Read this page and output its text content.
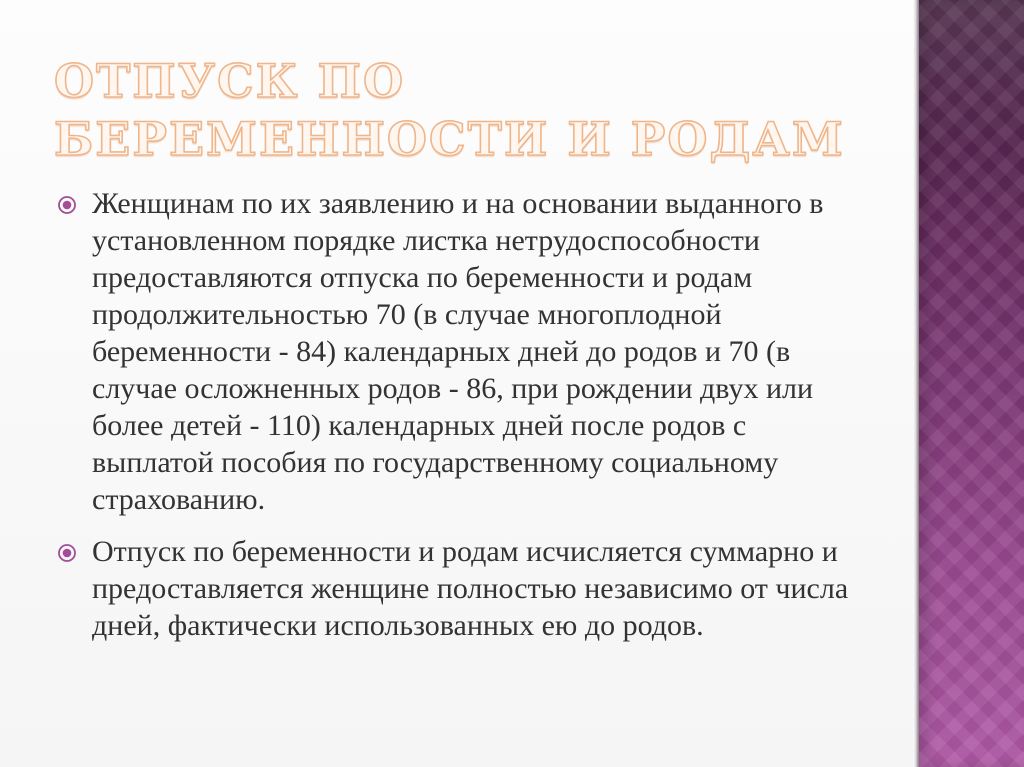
ОТПУСК ПО БЕРЕМЕННОСТИ И РОДАМ
Женщинам по их заявлению и на основании выданного в установленном порядке листка нетрудоспособности предоставляются отпуска по беременности и родам продолжительностью 70 (в случае многоплодной беременности - 84) календарных дней до родов и 70 (в случае осложненных родов - 86, при рождении двух или более детей - 110) календарных дней после родов с выплатой пособия по государственному социальному страхованию.
Отпуск по беременности и родам исчисляется суммарно и предоставляется женщине полностью независимо от числа дней, фактически использованных ею до родов.
